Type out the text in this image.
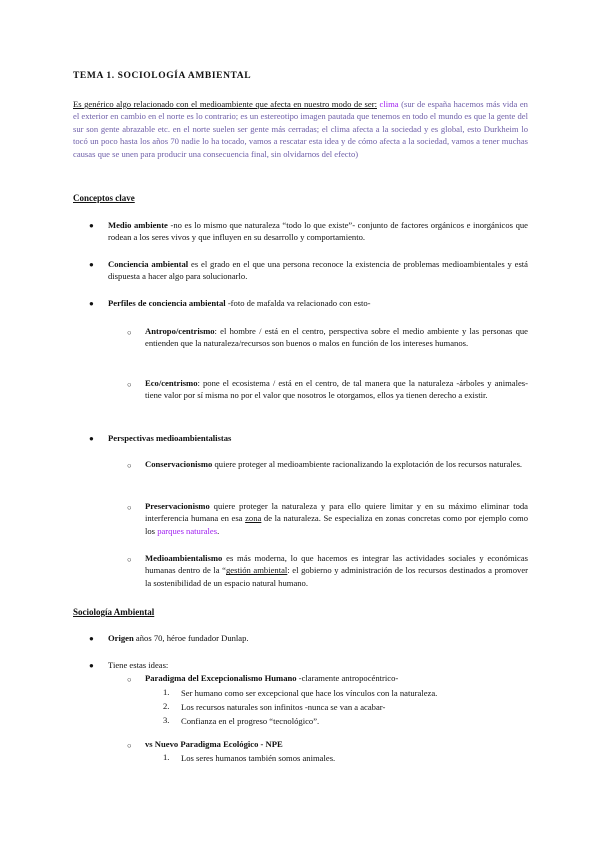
TEMA 1. SOCIOLOGÍA AMBIENTAL
Es genérico algo relacionado con el medioambiente que afecta en nuestro modo de ser: clima (sur de españa hacemos más vida en el exterior en cambio en el norte es lo contrario; es un estereotipo imagen pautada que tenemos en todo el mundo es que la gente del sur son gente abrazable etc. en el norte suelen ser gente más cerradas; el clima afecta a la sociedad y es global, esto Durkheim lo tocó un poco hasta los años 70 nadie lo ha tocado, vamos a rescatar esta idea y de cómo afecta a la sociedad, vamos a tener muchas causas que se unen para producir una consecuencia final, sin olvidarnos del efecto)
Conceptos clave
● Medio ambiente -no es lo mismo que naturaleza “todo lo que existe”- conjunto de factores orgánicos e inorgánicos que rodean a los seres vivos y que influyen en su desarrollo y comportamiento.
● Conciencia ambiental es el grado en el que una persona reconoce la existencia de problemas medioambientales y está dispuesta a hacer algo para solucionarlo.
● Perfiles de conciencia ambiental -foto de mafalda va relacionado con esto-
○ Antropo/centrismo: el hombre / está en el centro, perspectiva sobre el medio ambiente y las personas que entienden que la naturaleza/recursos son buenos o malos en función de los intereses humanos.
○ Eco/centrismo: pone el ecosistema / está en el centro, de tal manera que la naturaleza -árboles y animales- tiene valor por sí misma no por el valor que nosotros le otorgamos, ellos ya tienen derecho a existir.
● Perspectivas medioambientalistas
○ Conservacionismo quiere proteger al medioambiente racionalizando la explotación de los recursos naturales.
○ Preservacionismo quiere proteger la naturaleza y para ello quiere limitar y en su máximo eliminar toda interferencia humana en esa zona de la naturaleza. Se especializa en zonas concretas como por ejemplo como los parques naturales.
○ Medioambientalismo es más moderna, lo que hacemos es integrar las actividades sociales y económicas humanas dentro de la “gestión ambiental: el gobierno y administración de los recursos destinados a promover la sostenibilidad de un espacio natural humano.
Sociología Ambiental
● Origen años 70, héroe fundador Dunlap.
● Tiene estas ideas:
○ Paradigma del Excepcionalismo Humano -claramente antropocéntrico-
1. Ser humano como ser excepcional que hace los vínculos con la naturaleza.
2. Los recursos naturales son infinitos -nunca se van a acabar-
3. Confianza en el progreso “tecnológico”.
○ vs Nuevo Paradigma Ecológico - NPE
1. Los seres humanos también somos animales.
